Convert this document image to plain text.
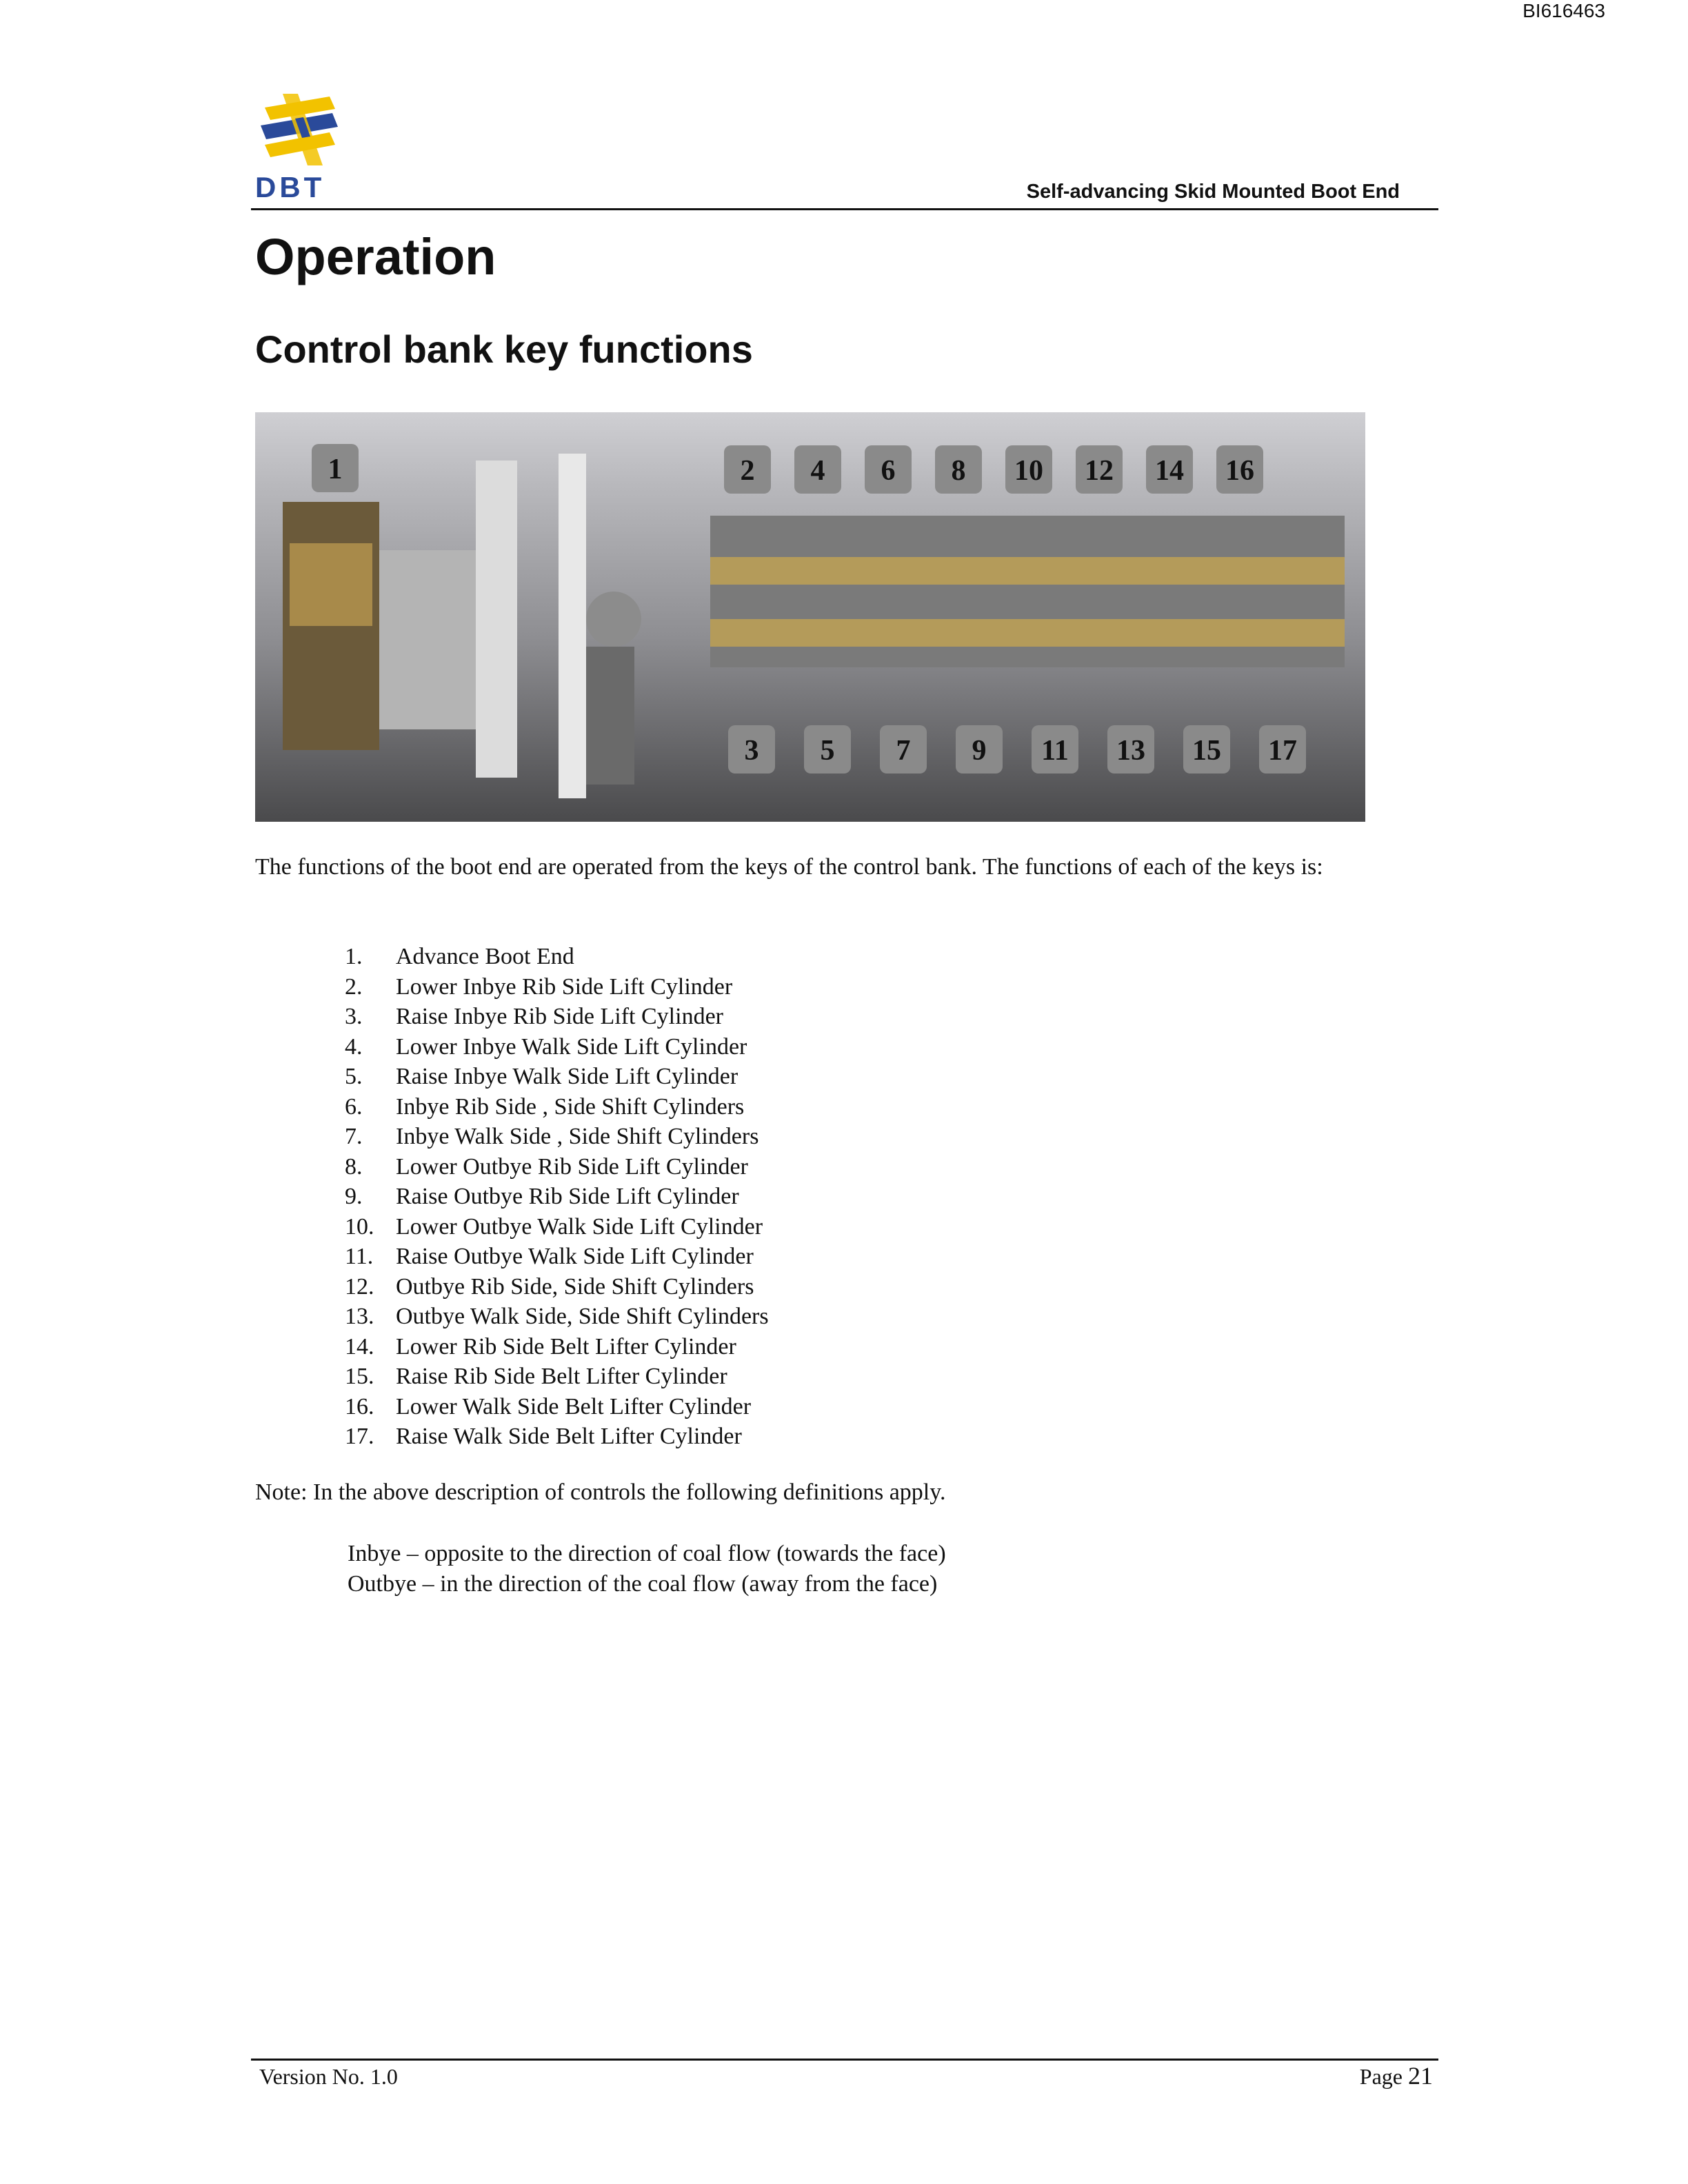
BI616463
DBT	Self-advancing Skid Mounted Boot End
Operation
Control bank key functions
1	2 4 6 8 10 12 14 16
3 5 7 9 11 13 15 17

The functions of the boot end are operated from the keys of the control bank. The functions of each of the keys is:

1.	Advance Boot End
2.	Lower Inbye Rib Side Lift Cylinder
3.	Raise Inbye Rib Side Lift Cylinder
4.	Lower Inbye Walk Side Lift Cylinder
5.	Raise Inbye Walk Side Lift Cylinder
6.	Inbye Rib Side , Side Shift Cylinders
7.	Inbye Walk Side , Side Shift Cylinders
8.	Lower Outbye Rib Side Lift Cylinder
9.	Raise Outbye Rib Side Lift Cylinder
10. Lower Outbye Walk Side Lift Cylinder
11. Raise Outbye Walk Side Lift Cylinder
12. Outbye Rib Side, Side Shift Cylinders
13. Outbye Walk Side, Side Shift Cylinders
14. Lower Rib Side Belt Lifter Cylinder
15. Raise Rib Side Belt Lifter Cylinder
16. Lower Walk Side Belt Lifter Cylinder
17. Raise Walk Side Belt Lifter Cylinder

Note: In the above description of controls the following definitions apply.

Inbye – opposite to the direction of coal flow (towards the face)
Outbye – in the direction of the coal flow (away from the face)
Version No. 1.0	Page 21
